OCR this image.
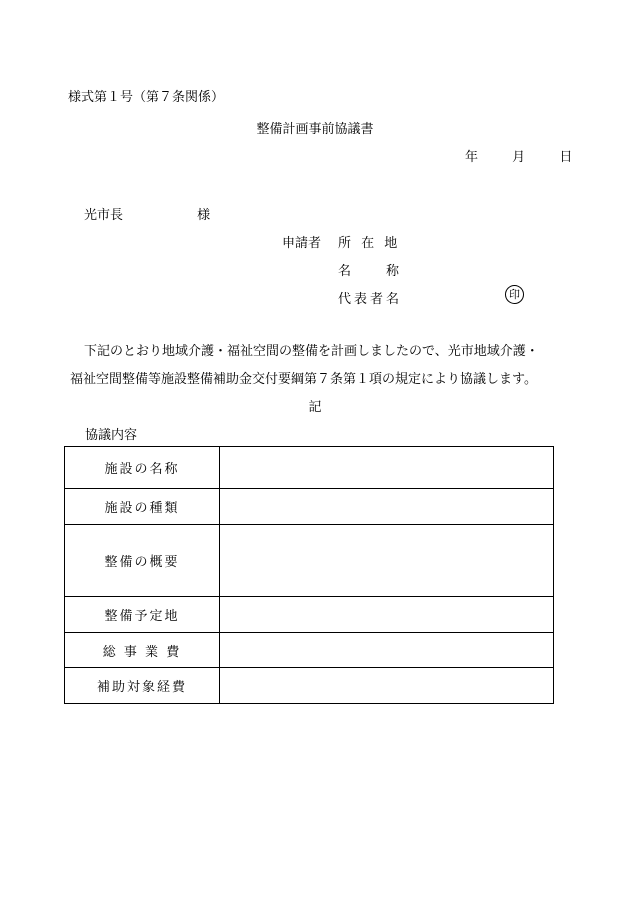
様式第１号（第７条関係）
整備計画事前協議書
年	月	日
光市長	様
申請者 所 在 地
名　　称
代表者名	印
下記のとおり地域介護・福祉空間の整備を計画しましたので、光市地域介護・
福祉空間整備等施設整備補助金交付要綱第７条第１項の規定により協議します。
記
協議内容
施設の名称	
施設の種類	
整備の概要	
整備予定地	
総 事 業 費	
補助対象経費	
